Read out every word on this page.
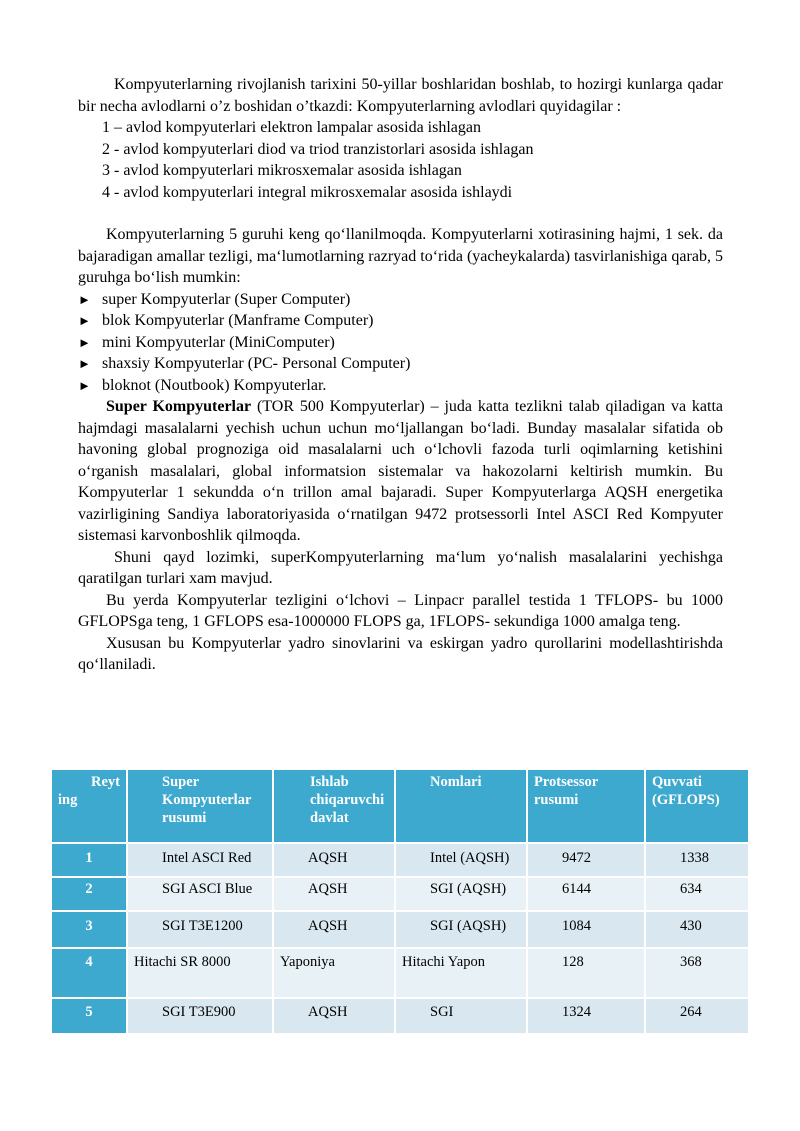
Kompyuterlarning rivojlanish tarixini 50-yillar boshlaridan boshlab, to hozirgi kunlarga qadar bir necha avlodlarni o’z boshidan o’tkazdi: Kompyuterlarning avlodlari quyidagilar :

1 – avlod kompyuterlari elektron lampalar asosida ishlagan

2 - avlod kompyuterlari diod va triod tranzistorlari asosida ishlagan

3 - avlod kompyuterlari mikrosxemalar asosida ishlagan

4 - avlod kompyuterlari integral mikrosxemalar asosida ishlaydi

Kompyuterlarning 5 guruhi keng qo‘llanilmoqda. Kompyuterlarni xotirasining hajmi, 1 sek. da bajaradigan amallar tezligi, ma‘lumotlarning razryad to‘rida (yacheykalarda) tasvirlanishiga qarab, 5 guruhga bo‘lish mumkin:

► super Kompyuterlar (Super Computer)

► blok Kompyuterlar (Manframe Computer)

► mini Kompyuterlar (MiniComputer)

► shaxsiy Kompyuterlar (PC- Personal Computer)

► bloknot (Noutbook) Kompyuterlar.

Super Kompyuterlar (TOR 500 Kompyuterlar) – juda katta tezlikni talab qiladigan va katta hajmdagi masalalarni yechish uchun uchun mo‘ljallangan bo‘ladi. Bunday masalalar sifatida ob havoning global prognoziga oid masalalarni uch o‘lchovli fazoda turli oqimlarning ketishini o‘rganish masalalari, global informatsion sistemalar va hakozolarni keltirish mumkin. Bu Kompyuterlar 1 sekundda o‘n trillon amal bajaradi. Super Kompyuterlarga AQSH energetika vazirligining Sandiya laboratoriyasida o‘rnatilgan 9472 protsessorli Intel ASCI Red Kompyuter sistemasi karvonboshlik qilmoqda.

Shuni qayd lozimki, superKompyuterlarning ma‘lum yo‘nalish masalalarini yechishga qaratilgan turlari xam mavjud.

Bu yerda Kompyuterlar tezligini o‘lchovi – Linpacr parallel testida 1 TFLOPS- bu 1000 GFLOPSga teng, 1 GFLOPS esa-1000000 FLOPS ga, 1FLOPS- sekundiga 1000 amalga teng.

Xususan bu Kompyuterlar yadro sinovlarini va eskirgan yadro qurollarini modellashtirishda qo‘llaniladi.

Reyt
ing	Super Kompyuterlar rusumi	Ishlab chiqaruvchi davlat	Nomlari	Protsessor rusumi	Quvvati (GFLOPS)

1	Intel ASCI Red	AQSH	Intel (AQSH)	9472	1338
2	SGI ASCI Blue	AQSH	SGI (AQSH)	6144	634
3	SGI T3E1200	AQSH	SGI (AQSH)	1084	430
4	Hitachi SR 8000	Yaponiya	Hitachi Yapon	128	368
5	SGI T3E900	AQSH	SGI	1324	264
